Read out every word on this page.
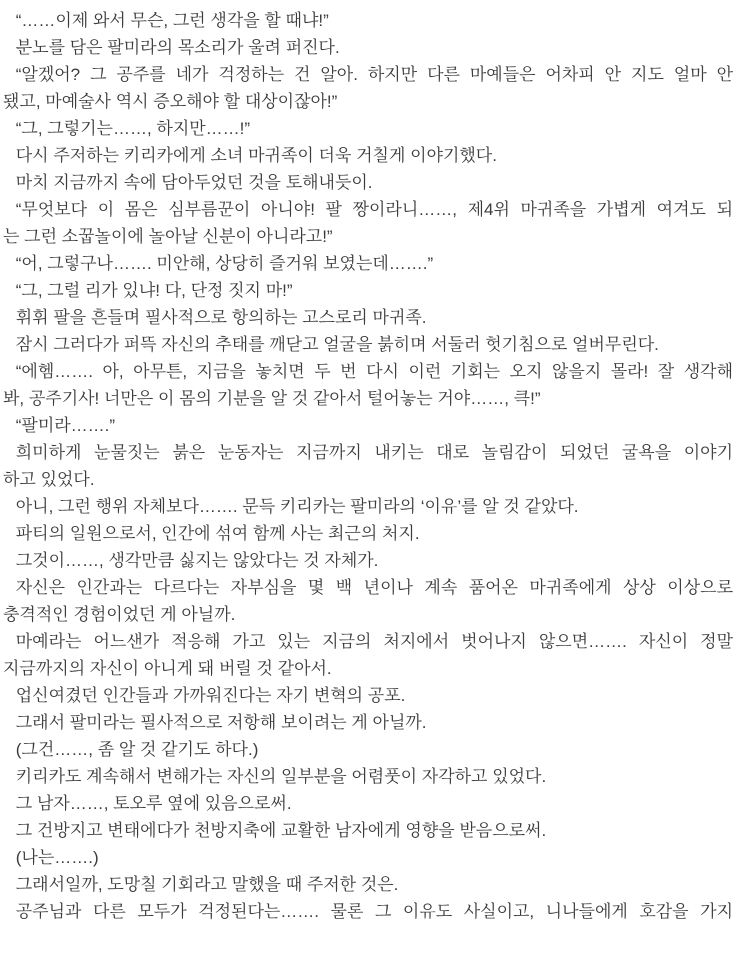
“……이제 와서 무슨, 그런 생각을 할 때냐!”

분노를 담은 팔미라의 목소리가 울려 퍼진다.

“알겠어? 그 공주를 네가 걱정하는 건 알아. 하지만 다른 마예들은 어차피 안 지도 얼마 안
됐고, 마예술사 역시 증오해야 할 대상이잖아!”

“그, 그렇기는……, 하지만……!”

다시 주저하는 키리카에게 소녀 마귀족이 더욱 거칠게 이야기했다.

마치 지금까지 속에 담아두었던 것을 토해내듯이.

“무엇보다 이 몸은 심부름꾼이 아니야! 팔 짱이라니……, 제4위 마귀족을 가볍게 여겨도 되
는 그런 소꿉놀이에 놀아날 신분이 아니라고!”

“어, 그렇구나……. 미안해, 상당히 즐거워 보였는데…….”

“그, 그럴 리가 있냐! 다, 단정 짓지 마!”

휘휘 팔을 흔들며 필사적으로 항의하는 고스로리 마귀족.

잠시 그러다가 퍼뜩 자신의 추태를 깨닫고 얼굴을 붉히며 서둘러 헛기침으로 얼버무린다.

“에헴……. 아, 아무튼, 지금을 놓치면 두 번 다시 이런 기회는 오지 않을지 몰라! 잘 생각해
봐, 공주기사! 너만은 이 몸의 기분을 알 것 같아서 털어놓는 거야……, 큭!”

“팔미라…….”

희미하게 눈물짓는 붉은 눈동자는 지금까지 내키는 대로 놀림감이 되었던 굴욕을 이야기
하고 있었다.

아니, 그런 행위 자체보다……. 문득 키리카는 팔미라의 ‘이유’를 알 것 같았다.

파티의 일원으로서, 인간에 섞여 함께 사는 최근의 처지.

그것이……, 생각만큼 싫지는 않았다는 것 자체가.

자신은 인간과는 다르다는 자부심을 몇 백 년이나 계속 품어온 마귀족에게 상상 이상으로
충격적인 경험이었던 게 아닐까.

마예라는 어느샌가 적응해 가고 있는 지금의 처지에서 벗어나지 않으면……. 자신이 정말
지금까지의 자신이 아니게 돼 버릴 것 같아서.

업신여겼던 인간들과 가까워진다는 자기 변혁의 공포.

그래서 팔미라는 필사적으로 저항해 보이려는 게 아닐까.

(그건……, 좀 알 것 같기도 하다.)

키리카도 계속해서 변해가는 자신의 일부분을 어렴풋이 자각하고 있었다.

그 남자……, 토오루 옆에 있음으로써.

그 건방지고 변태에다가 천방지축에 교활한 남자에게 영향을 받음으로써.

(나는…….)

그래서일까, 도망칠 기회라고 말했을 때 주저한 것은.

공주님과 다른 모두가 걱정된다는……. 물론 그 이유도 사실이고, 니나들에게 호감을 가지
